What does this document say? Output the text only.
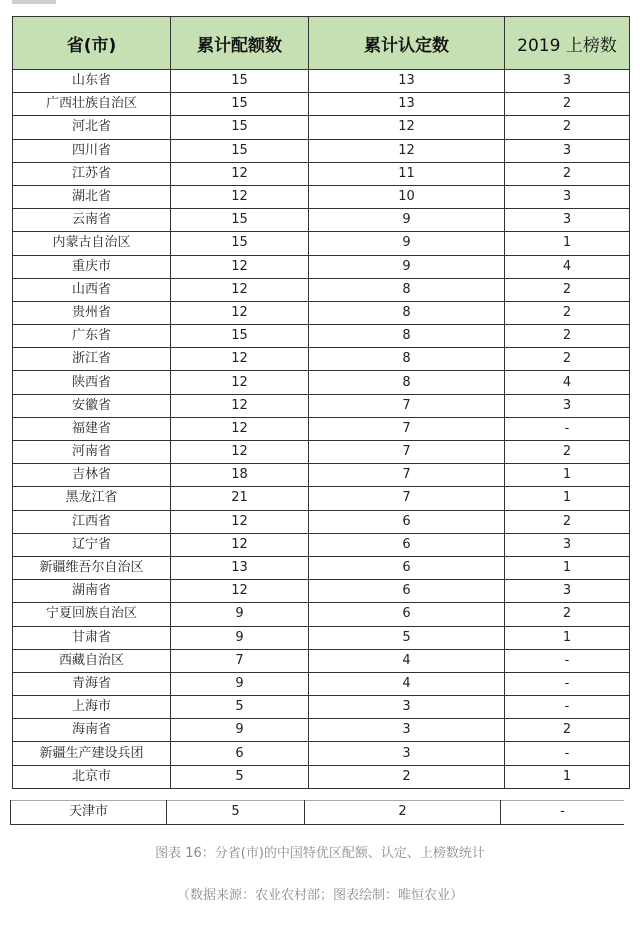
省(市)	累计配额数	累计认定数	2019 上榜数
山东省	15	13	3
广西壮族自治区	15	13	2
河北省	15	12	2
四川省	15	12	3
江苏省	12	11	2
湖北省	12	10	3
云南省	15	9	3
内蒙古自治区	15	9	1
重庆市	12	9	4
山西省	12	8	2
贵州省	12	8	2
广东省	15	8	2
浙江省	12	8	2
陕西省	12	8	4
安徽省	12	7	3
福建省	12	7	-
河南省	12	7	2
吉林省	18	7	1
黑龙江省	21	7	1
江西省	12	6	2
辽宁省	12	6	3
新疆维吾尔自治区	13	6	1
湖南省	12	6	3
宁夏回族自治区	9	6	2
甘肃省	9	5	1
西藏自治区	7	4	-
青海省	9	4	-
上海市	5	3	-
海南省	9	3	2
新疆生产建设兵团	6	3	-
北京市	5	2	1
天津市	5	2	-
图表 16：分省(市)的中国特优区配额、认定、上榜数统计
（数据来源：农业农村部；图表绘制：唯恒农业）
